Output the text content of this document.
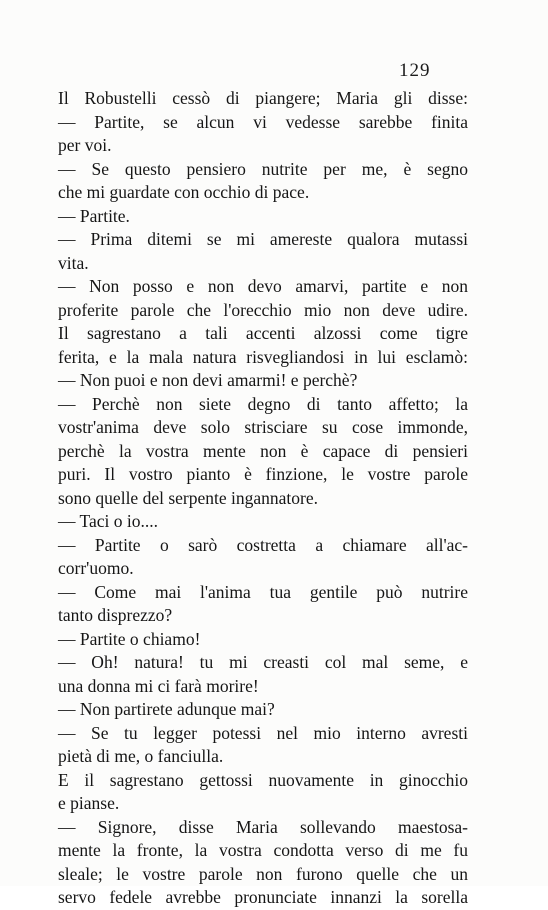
129
Il Robustelli cessò di piangere; Maria gli disse:
— Partite, se alcun vi vedesse sarebbe finita
per voi.
— Se questo pensiero nutrite per me, è segno
che mi guardate con occhio di pace.
— Partite.
— Prima ditemi se mi amereste qualora mutassi
vita.
— Non posso e non devo amarvi, partite e non
proferite parole che l'orecchio mio non deve udire.
Il sagrestano a tali accenti alzossi come tigre
ferita, e la mala natura risvegliandosi in lui esclamò:
— Non puoi e non devi amarmi! e perchè?
— Perchè non siete degno di tanto affetto; la
vostr'anima deve solo strisciare su cose immonde,
perchè la vostra mente non è capace di pensieri
puri. Il vostro pianto è finzione, le vostre parole
sono quelle del serpente ingannatore.
— Taci o io....
— Partite o sarò costretta a chiamare all'ac-
corr'uomo.
— Come mai l'anima tua gentile può nutrire
tanto disprezzo?
— Partite o chiamo!
— Oh! natura! tu mi creasti col mal seme, e
una donna mi ci farà morire!
— Non partirete adunque mai?
— Se tu legger potessi nel mio interno avresti
pietà di me, o fanciulla.
E il sagrestano gettossi nuovamente in ginocchio
e pianse.
— Signore, disse Maria sollevando maestosa-
mente la fronte, la vostra condotta verso di me fu
sleale; le vostre parole non furono quelle che un
servo fedele avrebbe pronunciate innanzi la sorella
